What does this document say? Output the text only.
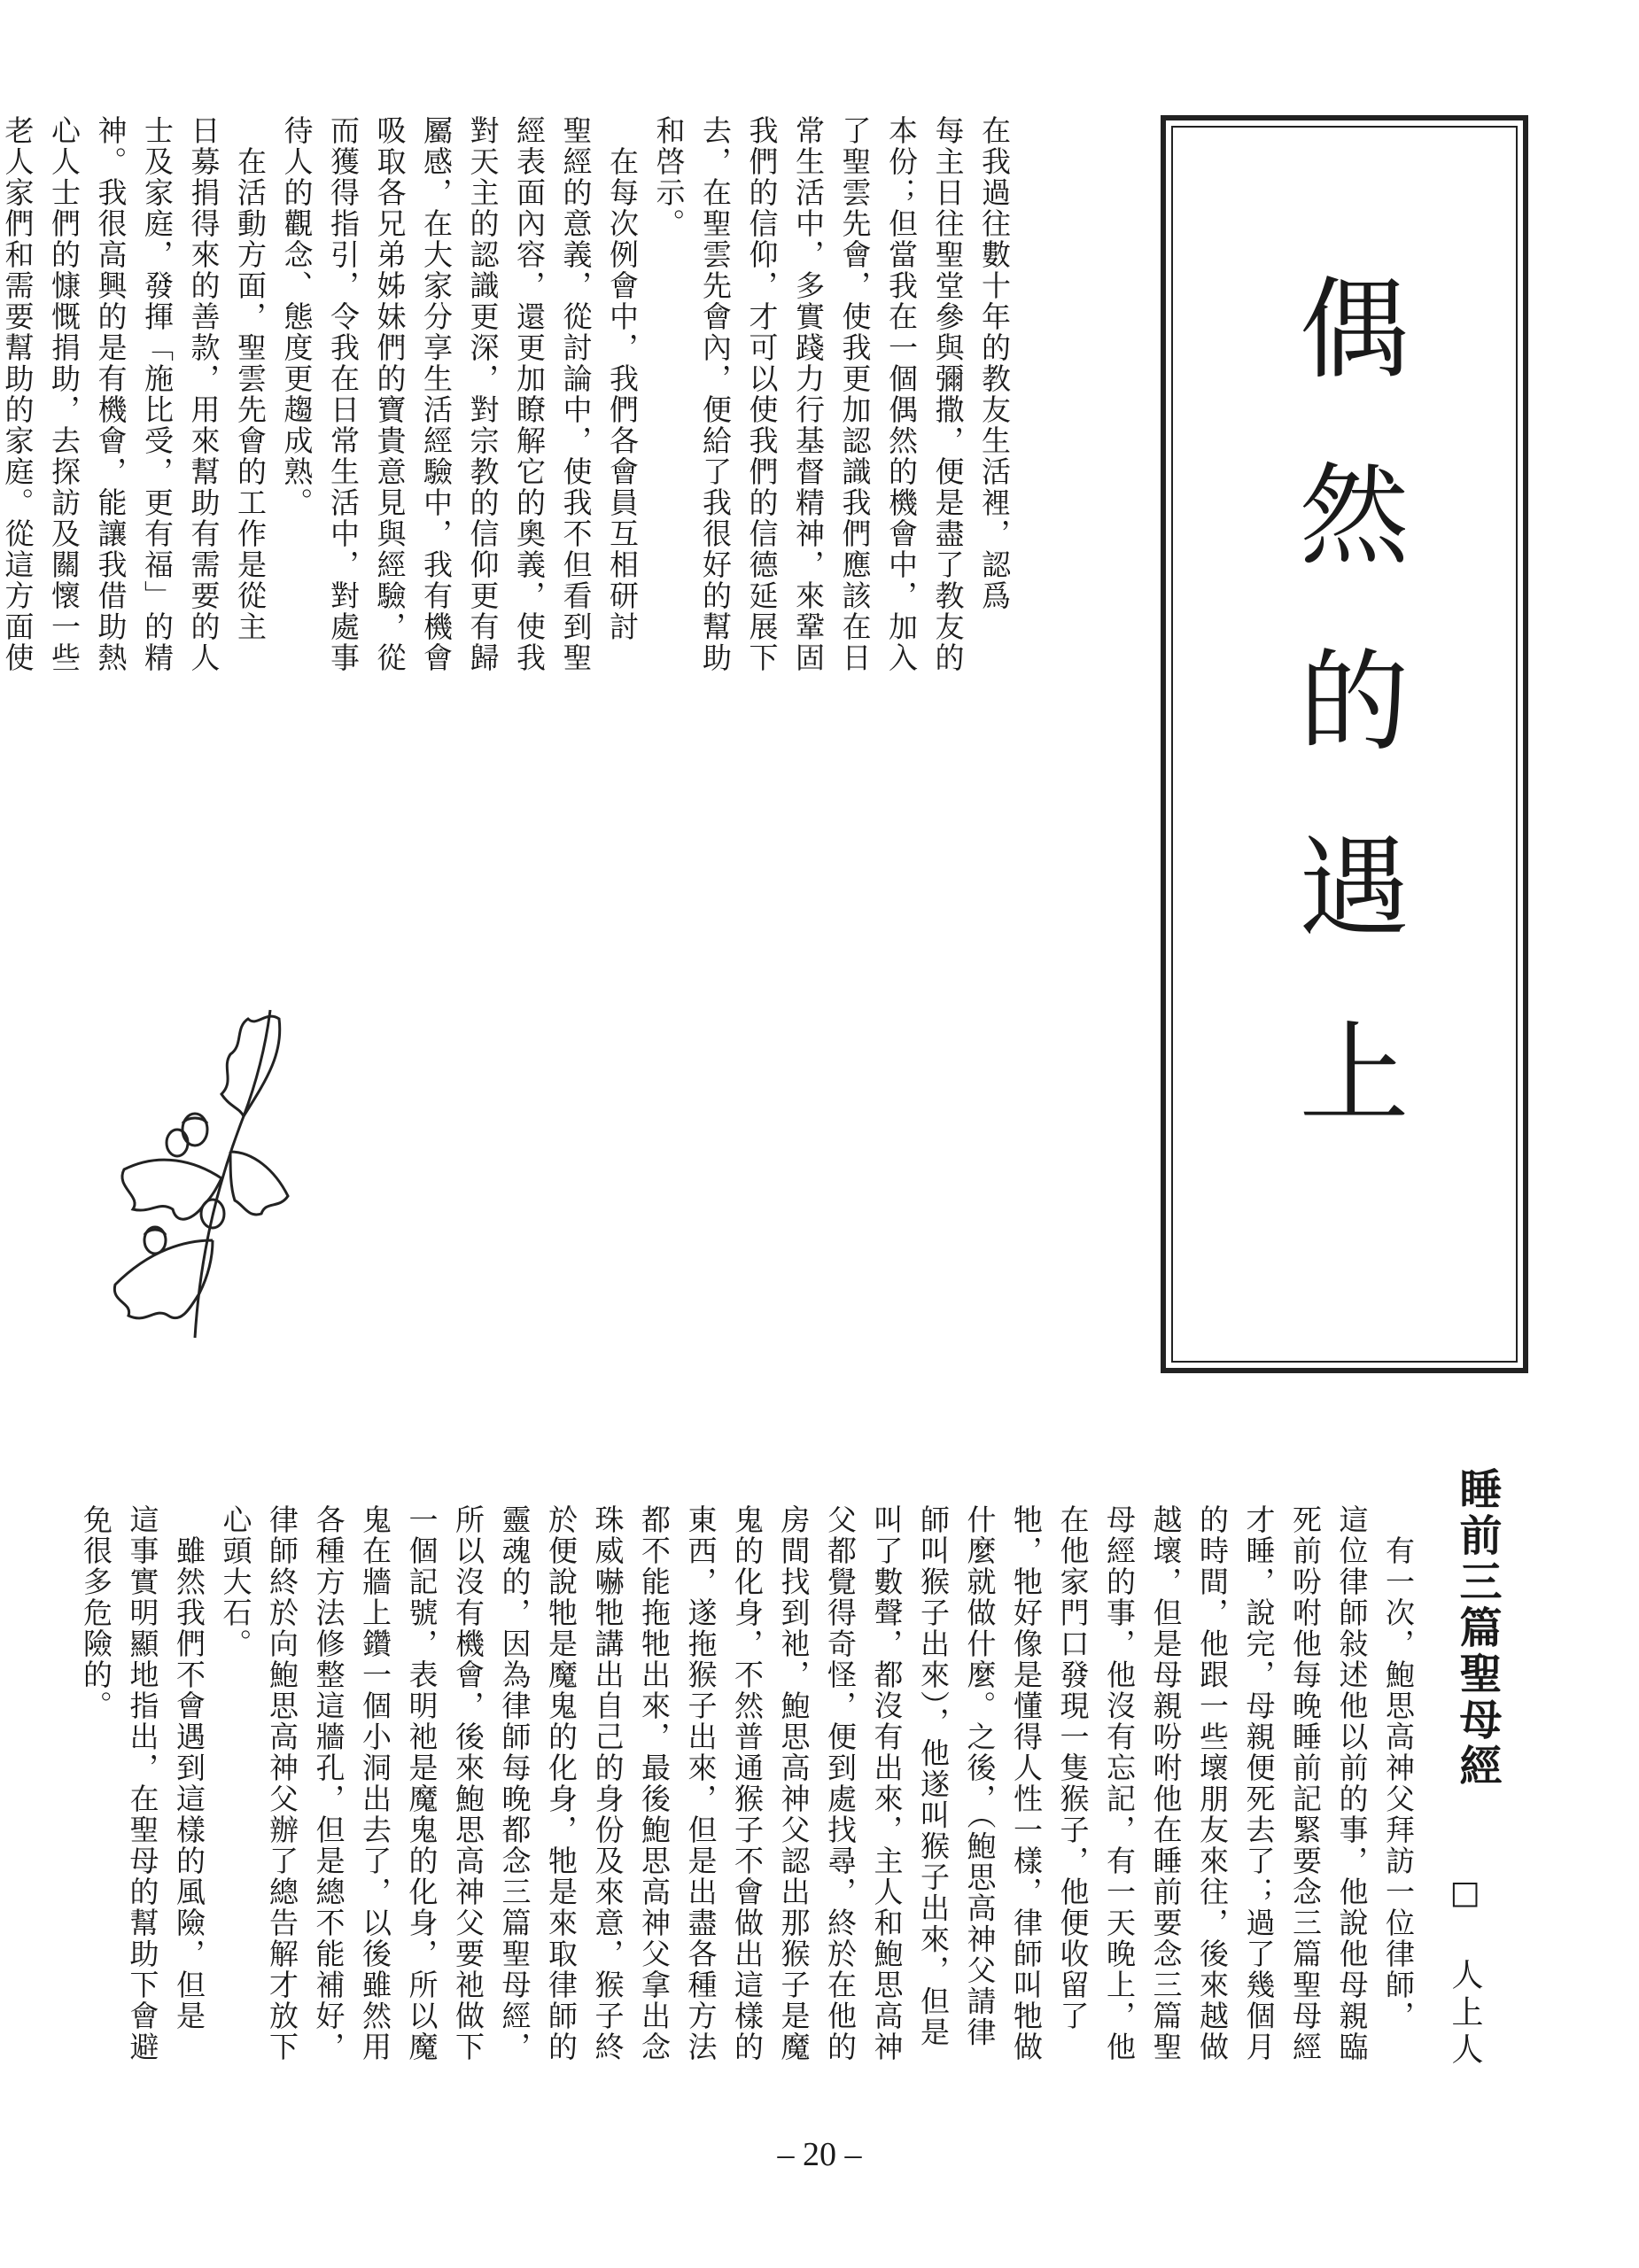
在我過往數十年的教友生活裡，認爲
每主日往聖堂參與彌撒，便是盡了教友的
本份；但當我在一個偶然的機會中，加入
了聖雲先會，使我更加認識我們應該在日
常生活中，多實踐力行基督精神，來鞏固
我們的信仰，才可以使我們的信德延展下
去，在聖雲先會內，便給了我很好的幫助
和啓示。
　在每次例會中，我們各會員互相研討
聖經的意義，從討論中，使我不但看到聖
經表面內容，還更加瞭解它的奧義，使我
對天主的認識更深，對宗教的信仰更有歸
屬感，在大家分享生活經驗中，我有機會
吸取各兄弟姊妹們的寶貴意見與經驗，從
而獲得指引，令我在日常生活中，對處事
待人的觀念、態度更趨成熟。
　在活動方面，聖雲先會的工作是從主
日募捐得來的善款，用來幫助有需要的人
士及家庭，發揮「施比受，更有福」的精
神。我很高興的是有機會，能讓我借助熱
心人士們的慷慨捐助，去探訪及關懷一些
老人家們和需要幫助的家庭。從這方面使	偶然的遇上
睡前三篇聖母經
□ 人上人
　有一次，鮑思高神父拜訪一位律師，
這位律師敍述他以前的事，他說他母親臨
死前吩咐他每晚睡前記緊要念三篇聖母經
才睡，說完，母親便死去了；過了幾個月
的時間，他跟一些壞朋友來往，後來越做
越壞，但是母親吩咐他在睡前要念三篇聖
母經的事，他沒有忘記，有一天晚上，他
在他家門口發現一隻猴子，他便收留了
牠，牠好像是懂得人性一樣，律師叫牠做
什麼就做什麼。之後，（鮑思高神父請律
師叫猴子出來），他遂叫猴子出來，但是
叫了數聲，都沒有出來，主人和鮑思高神
父都覺得奇怪，便到處找尋，終於在他的
房間找到祂，鮑思高神父認出那猴子是魔
鬼的化身，不然普通猴子不會做出這樣的
東西，遂拖猴子出來，但是出盡各種方法
都不能拖牠出來，最後鮑思高神父拿出念
珠威嚇牠講出自己的身份及來意，猴子終
於便說牠是魔鬼的化身，牠是來取律師的
靈魂的，因為律師每晚都念三篇聖母經，
所以沒有機會，後來鮑思高神父要祂做下
一個記號，表明祂是魔鬼的化身，所以魔
鬼在牆上鑽一個小洞出去了，以後雖然用
各種方法修整這牆孔，但是總不能補好，
律師終於向鮑思高神父辦了總告解才放下
心頭大石。
　雖然我們不會遇到這樣的風險，但是
這事實明顯地指出，在聖母的幫助下會避
免很多危險的。
– 20 –
